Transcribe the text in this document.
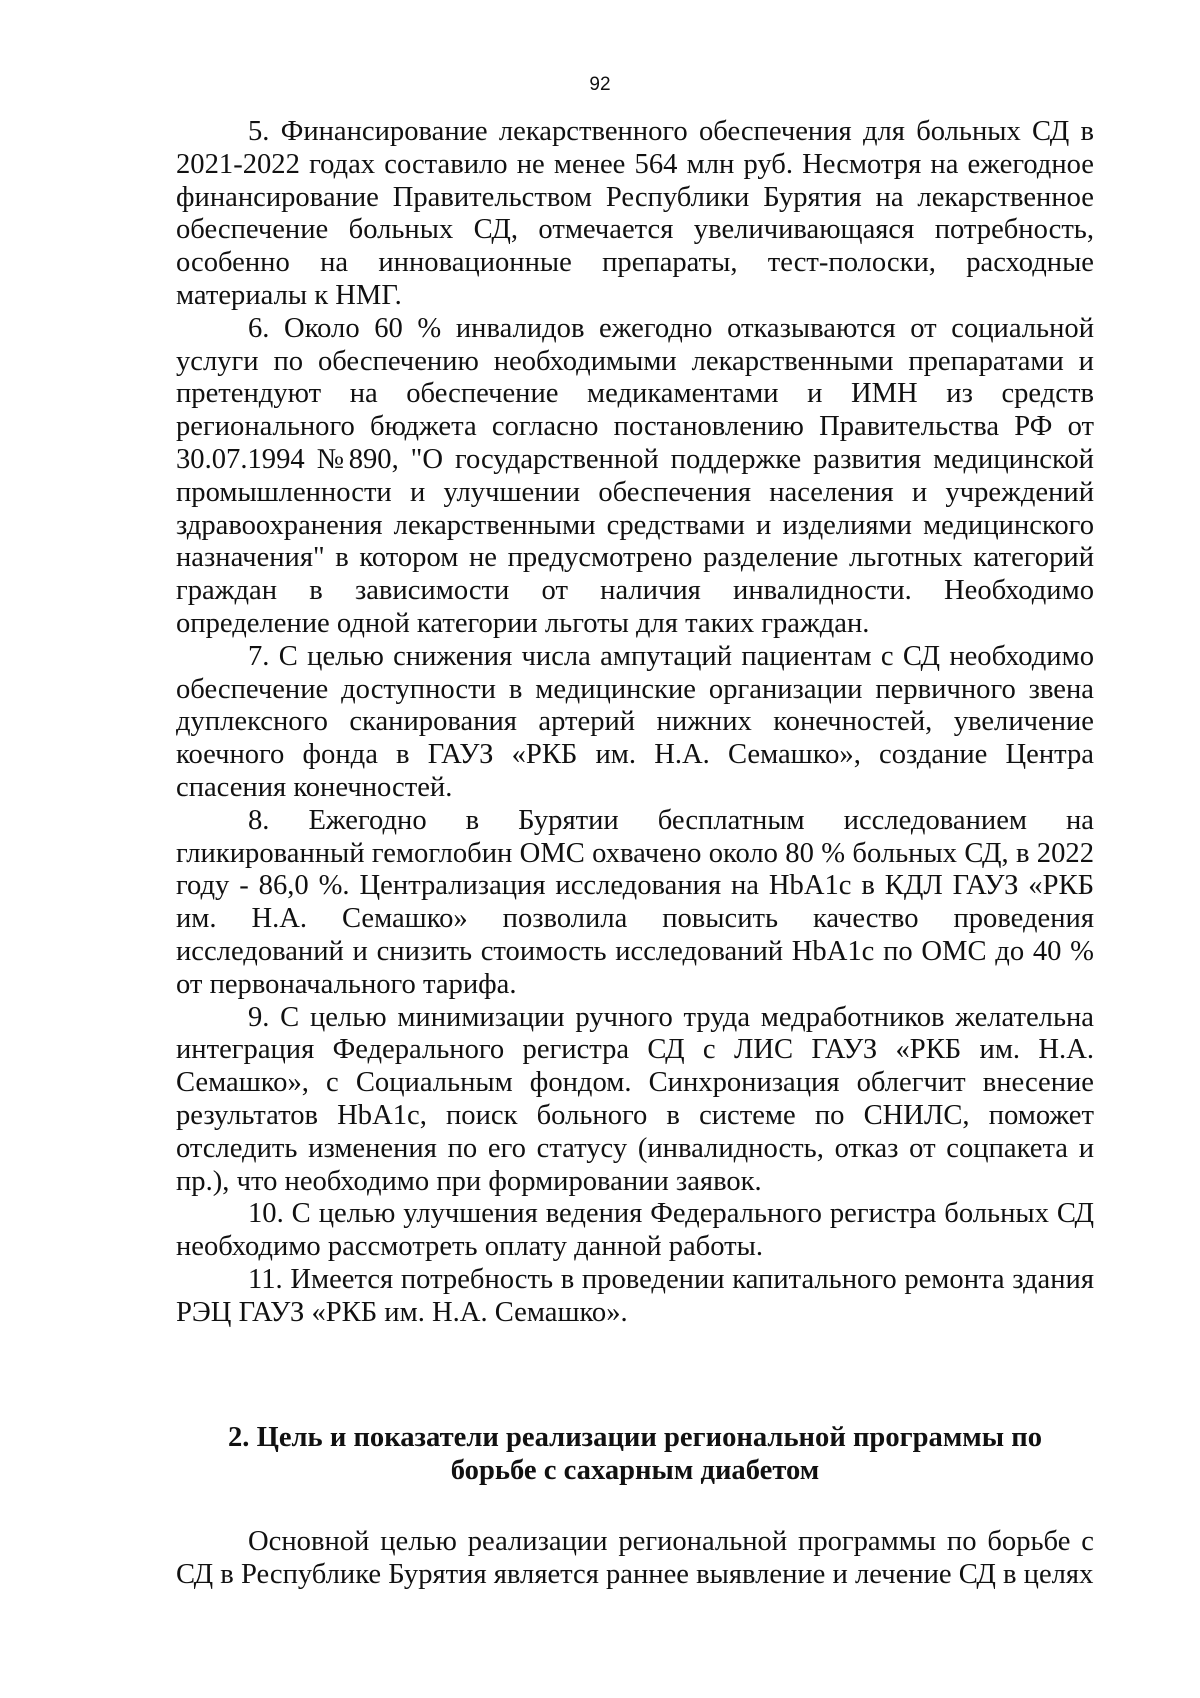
92

5. Финансирование лекарственного обеспечения для больных СД в 2021-2022 годах составило не менее 564 млн руб. Несмотря на ежегодное финансирование Правительством Республики Бурятия на лекарственное обеспечение больных СД, отмечается увеличивающаяся потребность, особенно на инновационные препараты, тест-полоски, расходные материалы к НМГ.

6. Около 60 % инвалидов ежегодно отказываются от социальной услуги по обеспечению необходимыми лекарственными препаратами и претендуют на обеспечение медикаментами и ИМН из средств регионального бюджета согласно постановлению Правительства РФ от 30.07.1994 №890, "О государственной поддержке развития медицинской промышленности и улучшении обеспечения населения и учреждений здравоохранения лекарственными средствами и изделиями медицинского назначения" в котором не предусмотрено разделение льготных категорий граждан в зависимости от наличия инвалидности. Необходимо определение одной категории льготы для таких граждан.

7. С целью снижения числа ампутаций пациентам с СД необходимо обеспечение доступности в медицинские организации первичного звена дуплексного сканирования артерий нижних конечностей, увеличение коечного фонда в ГАУЗ «РКБ им. Н.А. Семашко», создание Центра спасения конечностей.

8. Ежегодно в Бурятии бесплатным исследованием на гликированный гемоглобин ОМС охвачено около 80 % больных СД, в 2022 году - 86,0 %. Централизация исследования на HbA1c в КДЛ ГАУЗ «РКБ им. Н.А. Семашко» позволила повысить качество проведения исследований и снизить стоимость исследований HbA1c по ОМС до 40 % от первоначального тарифа.

9. С целью минимизации ручного труда медработников желательна интеграция Федерального регистра СД с ЛИС ГАУЗ «РКБ им. Н.А. Семашко», с Социальным фондом. Синхронизация облегчит внесение результатов HbA1c, поиск больного в системе по СНИЛС, поможет отследить изменения по его статусу (инвалидность, отказ от соцпакета и пр.), что необходимо при формировании заявок.

10. С целью улучшения ведения Федерального регистра больных СД необходимо рассмотреть оплату данной работы.

11. Имеется потребность в проведении капитального ремонта здания РЭЦ ГАУЗ «РКБ им. Н.А. Семашко».

2. Цель и показатели реализации региональной программы по
борьбе с сахарным диабетом

Основной целью реализации региональной программы по борьбе с СД в Республике Бурятия является раннее выявление и лечение СД в целях
